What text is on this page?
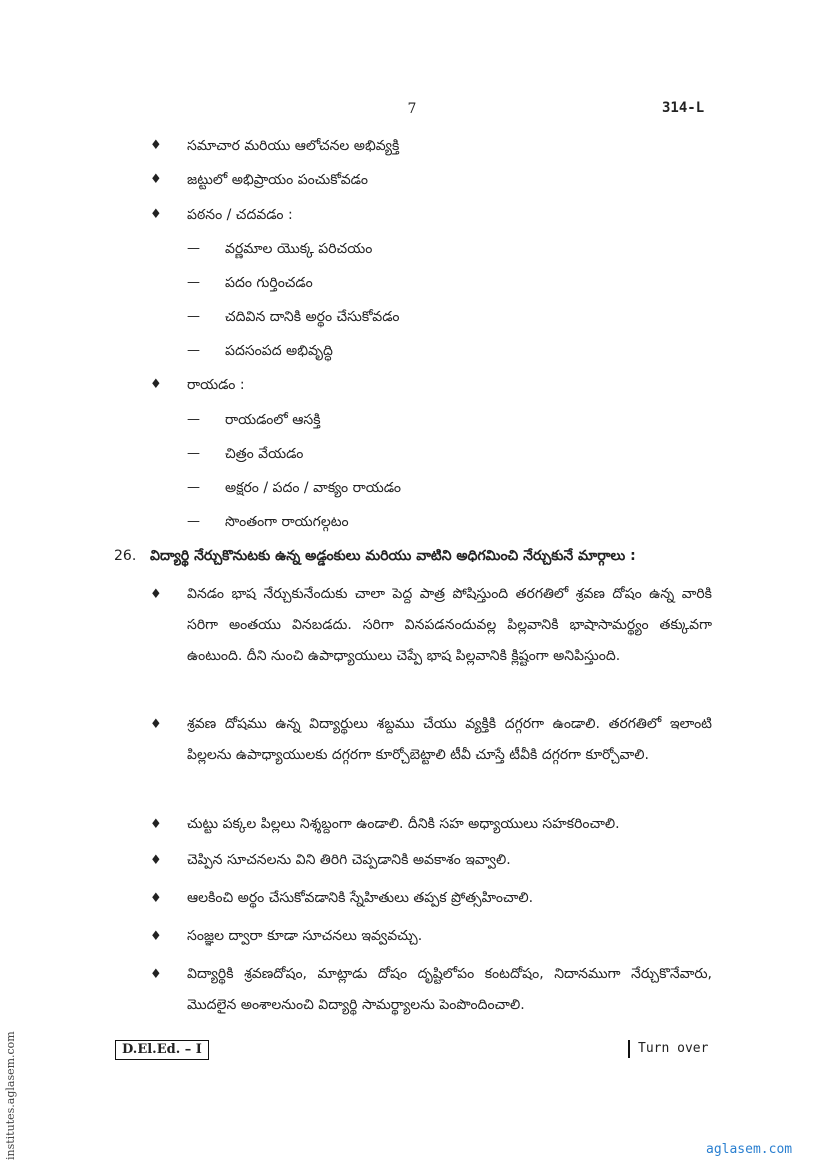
7	314-L
♦ సమాచార మరియు ఆలోచనల అభివ్యక్తి
♦ జట్టులో అభిప్రాయం పంచుకోవడం
♦ పఠనం / చదవడం :
— వర్ణమాల యొక్క పరిచయం
— పదం గుర్తించడం
— చదివిన దానికి అర్థం చేసుకోవడం
— పదసంపద అభివృద్ధి
♦ రాయడం :
— రాయడంలో ఆసక్తి
— చిత్రం వేయడం
— అక్షరం / పదం / వాక్యం రాయడం
— సొంతంగా రాయగల్గటం
26. విద్యార్థి నేర్చుకొనుటకు ఉన్న అడ్డంకులు మరియు వాటిని అధిగమించి నేర్చుకునే మార్గాలు :
♦ వినడం భాష నేర్చుకునేందుకు చాలా పెద్ద పాత్ర పోషిస్తుంది తరగతిలో శ్రవణ దోషం ఉన్న వారికి సరిగా అంతయు వినబడదు. సరిగా వినపడనందువల్ల పిల్లవానికి భాషాసామర్థ్యం తక్కువగా ఉంటుంది. దీని నుంచి ఉపాధ్యాయులు చెప్పే భాష పిల్లవానికి క్లిష్టంగా అనిపిస్తుంది.
♦ శ్రవణ దోషము ఉన్న విద్యార్థులు శబ్దము చేయు వ్యక్తికి దగ్గరగా ఉండాలి. తరగతిలో ఇలాంటి పిల్లలను ఉపాధ్యాయులకు దగ్గరగా కూర్చోబెట్టాలి టీవీ చూస్తే టీవీకి దగ్గరగా కూర్చోవాలి.
♦ చుట్టు పక్కల పిల్లలు నిశ్శబ్దంగా ఉండాలి. దీనికి సహ అధ్యాయులు సహకరించాలి.
♦ చెప్పిన సూచనలను విని తిరిగి చెప్పడానికి అవకాశం ఇవ్వాలి.
♦ ఆలకించి అర్థం చేసుకోవడానికి స్నేహితులు తప్పక ప్రోత్సహించాలి.
♦ సంజ్ఞల ద్వారా కూడా సూచనలు ఇవ్వవచ్చు.
♦ విద్యార్థికి శ్రవణదోషం, మాట్లాడు దోషం దృష్టిలోపం కంటదోషం, నిదానముగా నేర్చుకొనేవారు, మొదలైన అంశాలనుంచి విద్యార్థి సామర్థ్యాలను పెంపొందించాలి.
D.El.Ed. – I	Turn over
institutes.aglasem.com	aglasem.com
